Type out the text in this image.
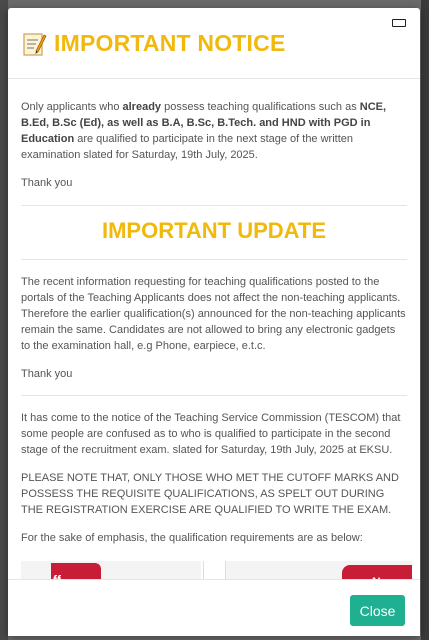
IMPORTANT NOTICE

Only applicants who already possess teaching qualifications such as NCE, B.Ed, B.Sc (Ed), as well as B.A, B.Sc, B.Tech. and HND with PGD in Education are qualified to participate in the next stage of the written examination slated for Saturday, 19th July, 2025.

Thank you

IMPORTANT UPDATE

The recent information requesting for teaching qualifications posted to the portals of the Teaching Applicants does not affect the non-teaching applicants. Therefore the earlier qualification(s) announced for the non-teaching applicants remain the same. Candidates are not allowed to bring any electronic gadgets to the examination hall, e.g Phone, earpiece, e.t.c.

Thank you

It has come to the notice of the Teaching Service Commission (TESCOM) that some people are confused as to who is qualified to participate in the second stage of the recruitment exam. slated for Saturday, 19th July, 2025 at EKSU.

PLEASE NOTE THAT, ONLY THOSE WHO MET THE CUTOFF MARKS AND POSSESS THE REQUISITE QUALIFICATIONS, AS SPELT OUT DURING THE REGISTRATION EXERCISE ARE QUALIFIED TO WRITE THE EXAM.

For the sake of emphasis, the qualification requirements are as below:

Close
